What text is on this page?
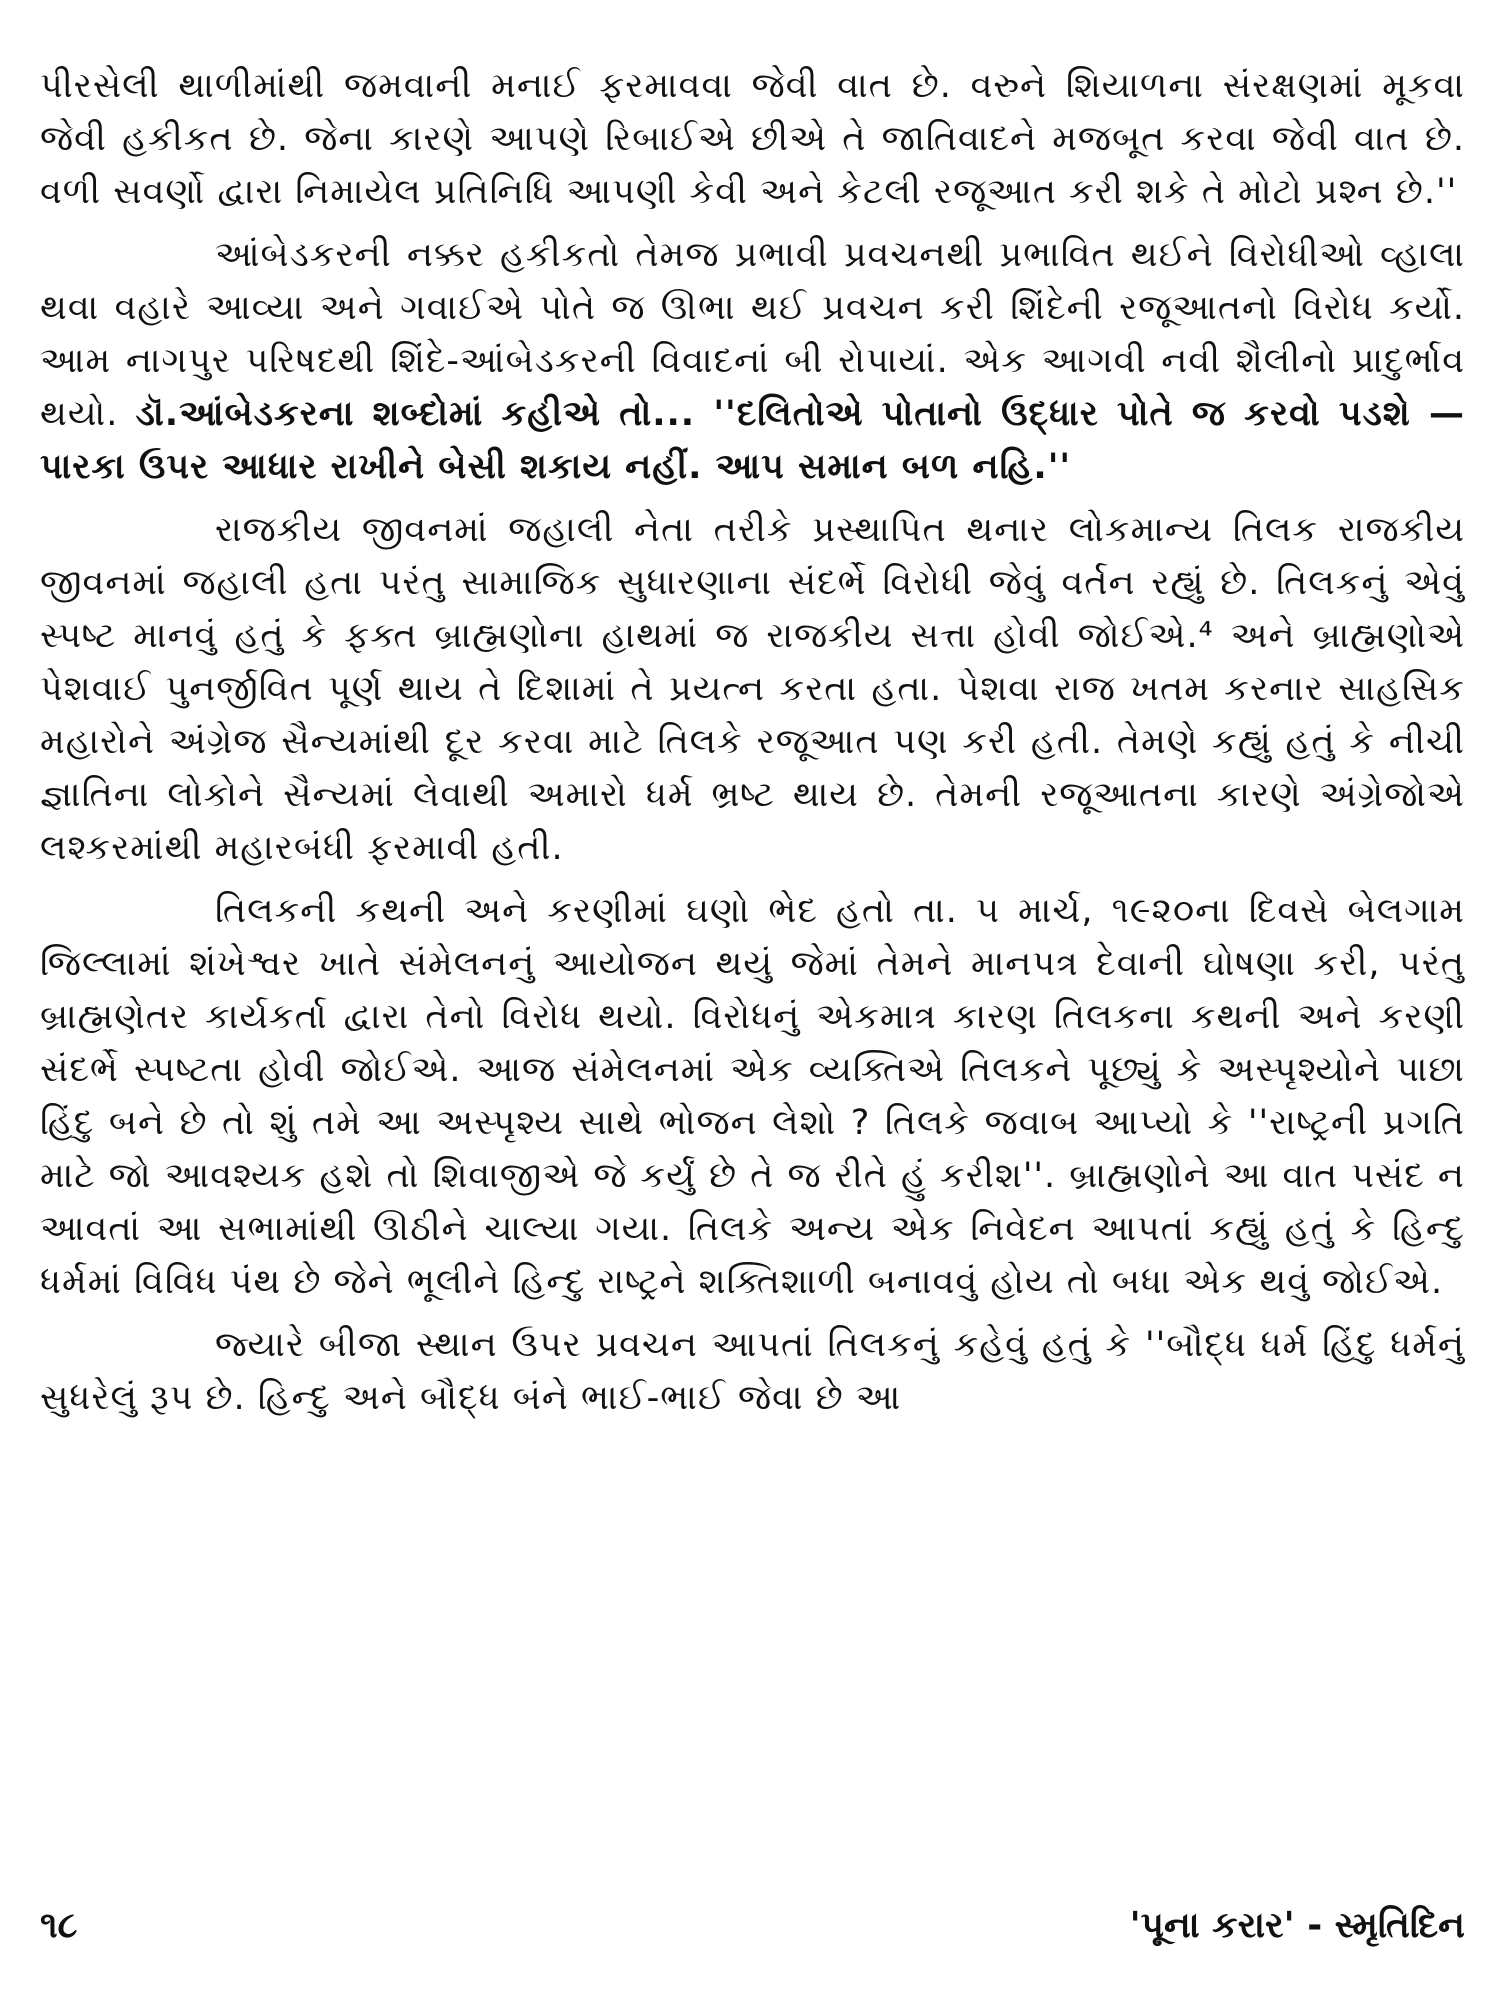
પીરસેલી થાળીમાંથી જમવાની મનાઈ ફરમાવવા જેવી વાત છે. વરુને શિયાળના સંરક્ષણમાં મૂકવા જેવી હકીકત છે. જેના કારણે આપણે રિબાઈએ છીએ તે જાતિવાદને મજબૂત કરવા જેવી વાત છે. વળી સવર્ણો દ્વારા નિમાયેલ પ્રતિનિધિ આપણી કેવી અને કેટલી રજૂઆત કરી શકે તે મોટો પ્રશ્ન છે.''

આંબેડકરની નક્કર હકીકતો તેમજ પ્રભાવી પ્રવચનથી પ્રભાવિત થઈને વિરોધીઓ વ્હાલા થવા વહારે આવ્યા અને ગવાઈએ પોતે જ ઊભા થઈ પ્રવચન કરી શિંદેની રજૂઆતનો વિરોધ કર્યો. આમ નાગપુર પરિષદથી શિંદે-આંબેડકરની વિવાદનાં બી રોપાયાં. એક આગવી નવી શૈલીનો પ્રાદુર્ભાવ થયો. ડૉ.આંબેડકરના શબ્દોમાં કહીએ તો... ''દલિતોએ પોતાનો ઉદ્ધાર પોતે જ કરવો પડશે — પારકા ઉપર આધાર રાખીને બેસી શકાય નહીં. આપ સમાન બળ નહિ.''

રાજકીય જીવનમાં જહાલી નેતા તરીકે પ્રસ્થાપિત થનાર લોકમાન્ય તિલક રાજકીય જીવનમાં જહાલી હતા પરંતુ સામાજિક સુધારણાના સંદર્ભે વિરોધી જેવું વર્તન રહ્યું છે. તિલકનું એવું સ્પષ્ટ માનવું હતું કે ફક્ત બ્રાહ્મણોના હાથમાં જ રાજકીય સત્તા હોવી જોઈએ.⁴ અને બ્રાહ્મણોએ પેશવાઈ પુનર્જીવિત પૂર્ણ થાય તે દિશામાં તે પ્રયત્ન કરતા હતા. પેશવા રાજ ખતમ કરનાર સાહસિક મહારોને અંગ્રેજ સૈન્યમાંથી દૂર કરવા માટે તિલકે રજૂઆત પણ કરી હતી. તેમણે કહ્યું હતું કે નીચી જ્ઞાતિના લોકોને સૈન્યમાં લેવાથી અમારો ધર્મ ભ્રષ્ટ થાય છે. તેમની રજૂઆતના કારણે અંગ્રેજોએ લશ્કરમાંથી મહારબંધી ફરમાવી હતી.

તિલકની કથની અને કરણીમાં ઘણો ભેદ હતો તા. ૫ માર્ચ, ૧૯૨૦ના દિવસે બેલગામ જિલ્લામાં શંખેશ્વર ખાતે સંમેલનનું આયોજન થયું જેમાં તેમને માનપત્ર દેવાની ઘોષણા કરી, પરંતુ બ્રાહ્મણેતર કાર્યકર્તા દ્વારા તેનો વિરોધ થયો. વિરોધનું એકમાત્ર કારણ તિલકના કથની અને કરણી સંદર્ભે સ્પષ્ટતા હોવી જોઈએ. આજ સંમેલનમાં એક વ્યક્તિએ તિલકને પૂછ્યું કે અસ્પૃશ્યોને પાછા હિંદુ બને છે તો શું તમે આ અસ્પૃશ્ય સાથે ભોજન લેશો ? તિલકે જવાબ આપ્યો કે ''રાષ્ટ્રની પ્રગતિ માટે જો આવશ્યક હશે તો શિવાજીએ જે કર્યું છે તે જ રીતે હું કરીશ''. બ્રાહ્મણોને આ વાત પસંદ ન આવતાં આ સભામાંથી ઊઠીને ચાલ્યા ગયા. તિલકે અન્ય એક નિવેદન આપતાં કહ્યું હતું કે હિન્દુ ધર્મમાં વિવિધ પંથ છે જેને ભૂલીને હિન્દુ રાષ્ટ્રને શક્તિશાળી બનાવવું હોય તો બધા એક થવું જોઈએ.

જ્યારે બીજા સ્થાન ઉપર પ્રવચન આપતાં તિલકનું કહેવું હતું કે ''બૌદ્ધ ધર્મ હિંદુ ધર્મનું સુધરેલું રૂપ છે. હિન્દુ અને બૌદ્ધ બંને ભાઈ-ભાઈ જેવા છે આ

૧૮	'પૂના કરાર' - સ્મૃતિદિન
